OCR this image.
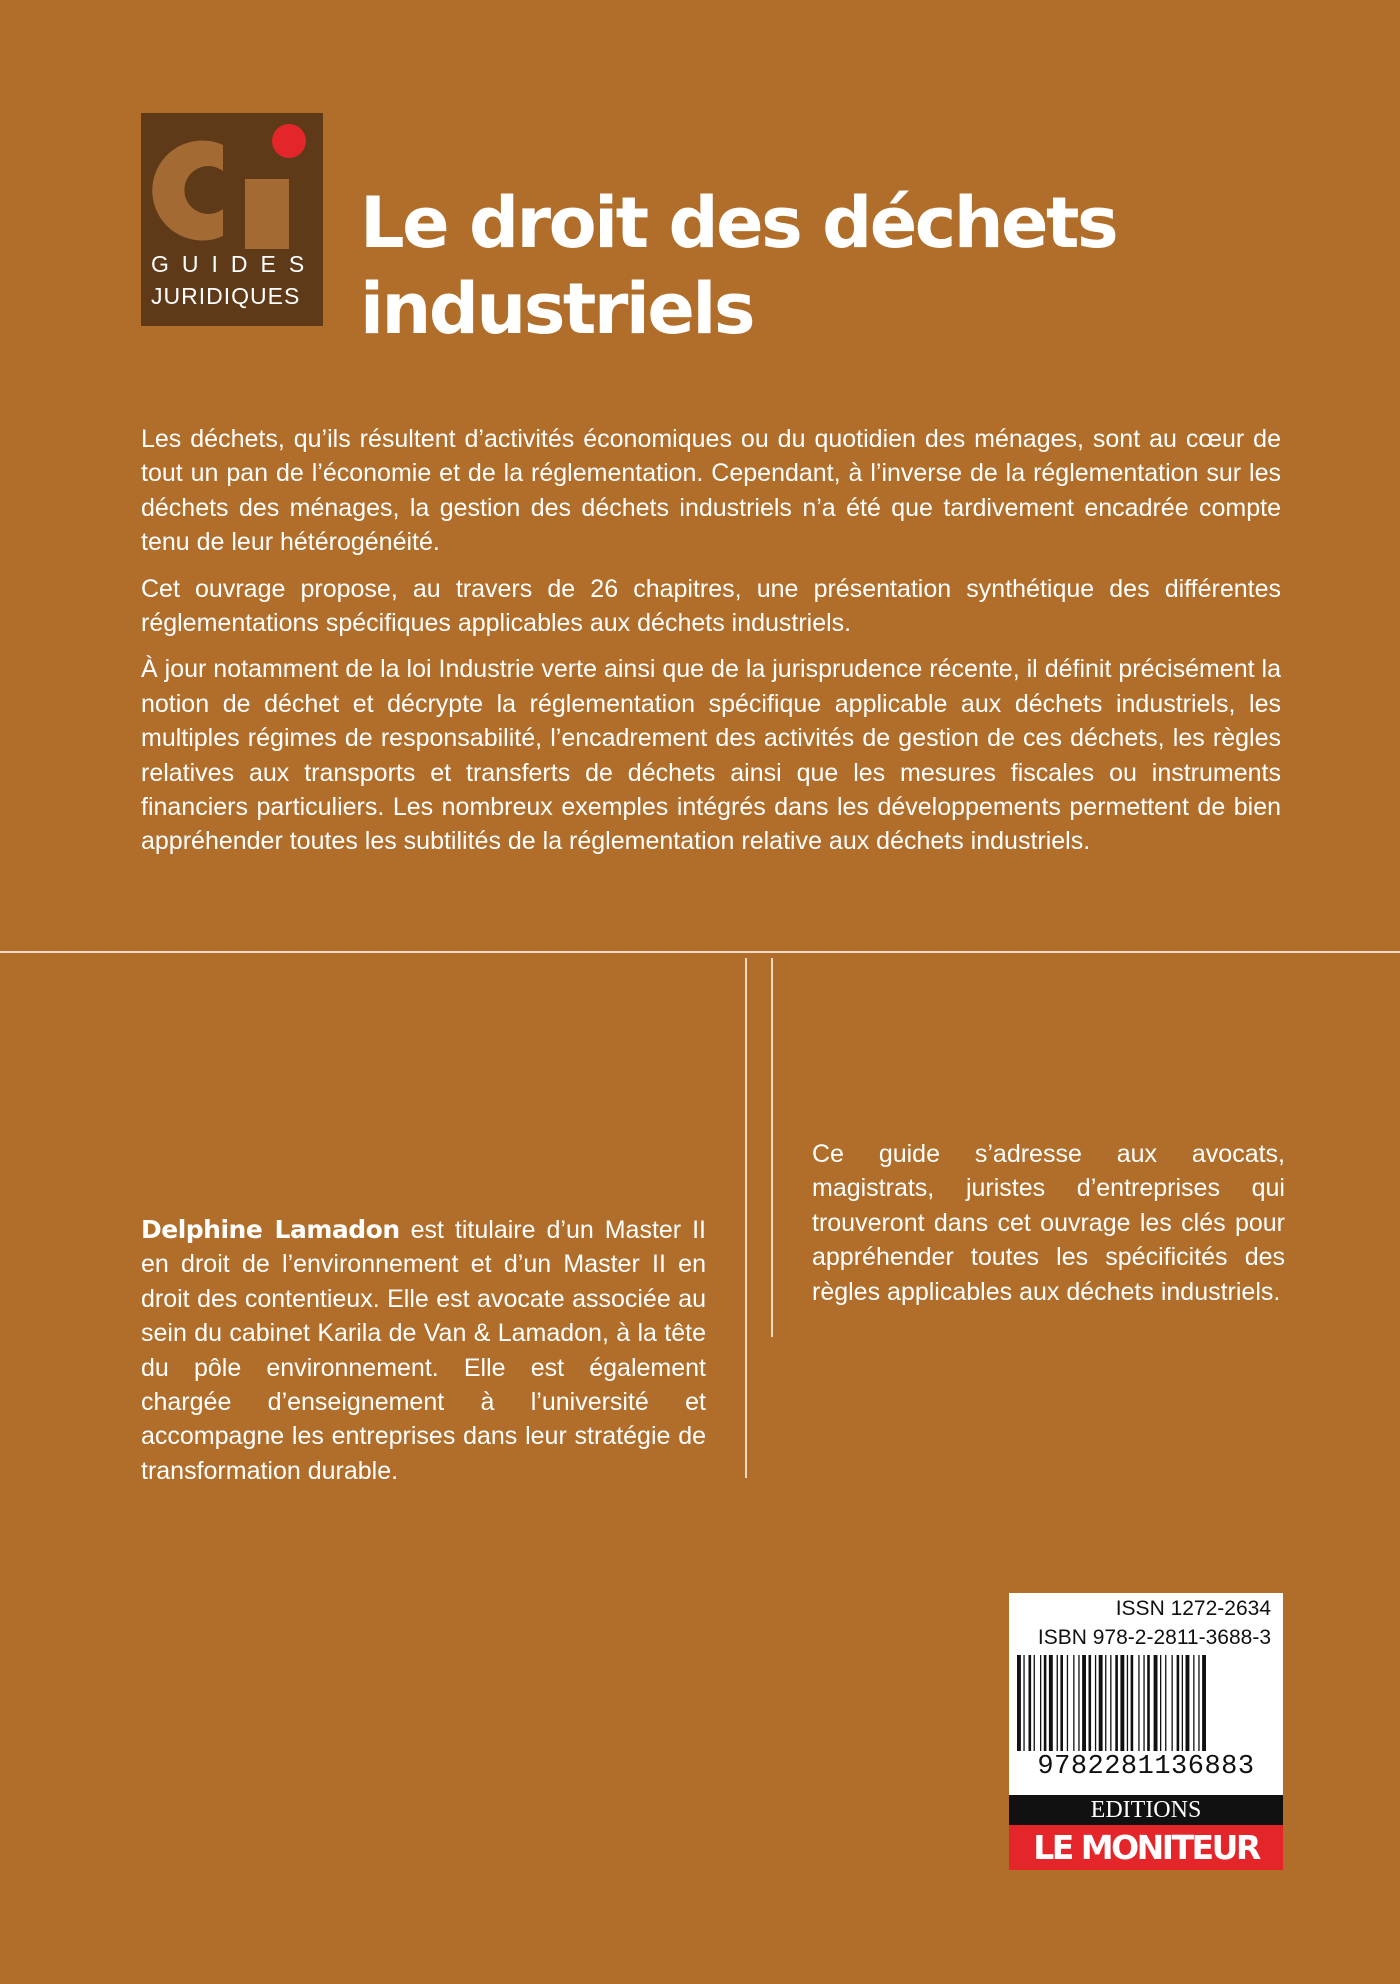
GUIDES
JURIDIQUES
Le droit des déchets
industriels

Les déchets, qu’ils résultent d’activités économiques ou du quotidien des ménages, sont au cœur de tout un pan de l’économie et de la réglementation. Cependant, à l’inverse de la réglementation sur les déchets des ménages, la gestion des déchets industriels n’a été que tardivement encadrée compte tenu de leur hétérogénéité.

Cet ouvrage propose, au travers de 26 chapitres, une présentation synthétique des différentes réglementations spécifiques applicables aux déchets industriels.

À jour notamment de la loi Industrie verte ainsi que de la jurisprudence récente, il définit précisément la notion de déchet et décrypte la réglementation spécifique applicable aux déchets industriels, les multiples régimes de responsabilité, l’encadrement des activités de gestion de ces déchets, les règles relatives aux transports et transferts de déchets ainsi que les mesures fiscales ou instruments financiers particuliers. Les nombreux exemples intégrés dans les développements permettent de bien appréhender toutes les subtilités de la réglementation relative aux déchets industriels.

Delphine Lamadon est titulaire d’un Master II en droit de l’environnement et d’un Master II en droit des contentieux. Elle est avocate associée au sein du cabinet Karila de Van & Lamadon, à la tête du pôle environnement. Elle est également chargée d’enseignement à l’université et accompagne les entreprises dans leur stratégie de transformation durable.

Ce guide s’adresse aux avocats, magistrats, juristes d’entreprises qui trouveront dans cet ouvrage les clés pour appréhender toutes les spécificités des règles applicables aux déchets industriels.

ISSN 1272-2634
ISBN 978-2-2811-3688-3
9782281136883
EDITIONS
LE MONITEUR
